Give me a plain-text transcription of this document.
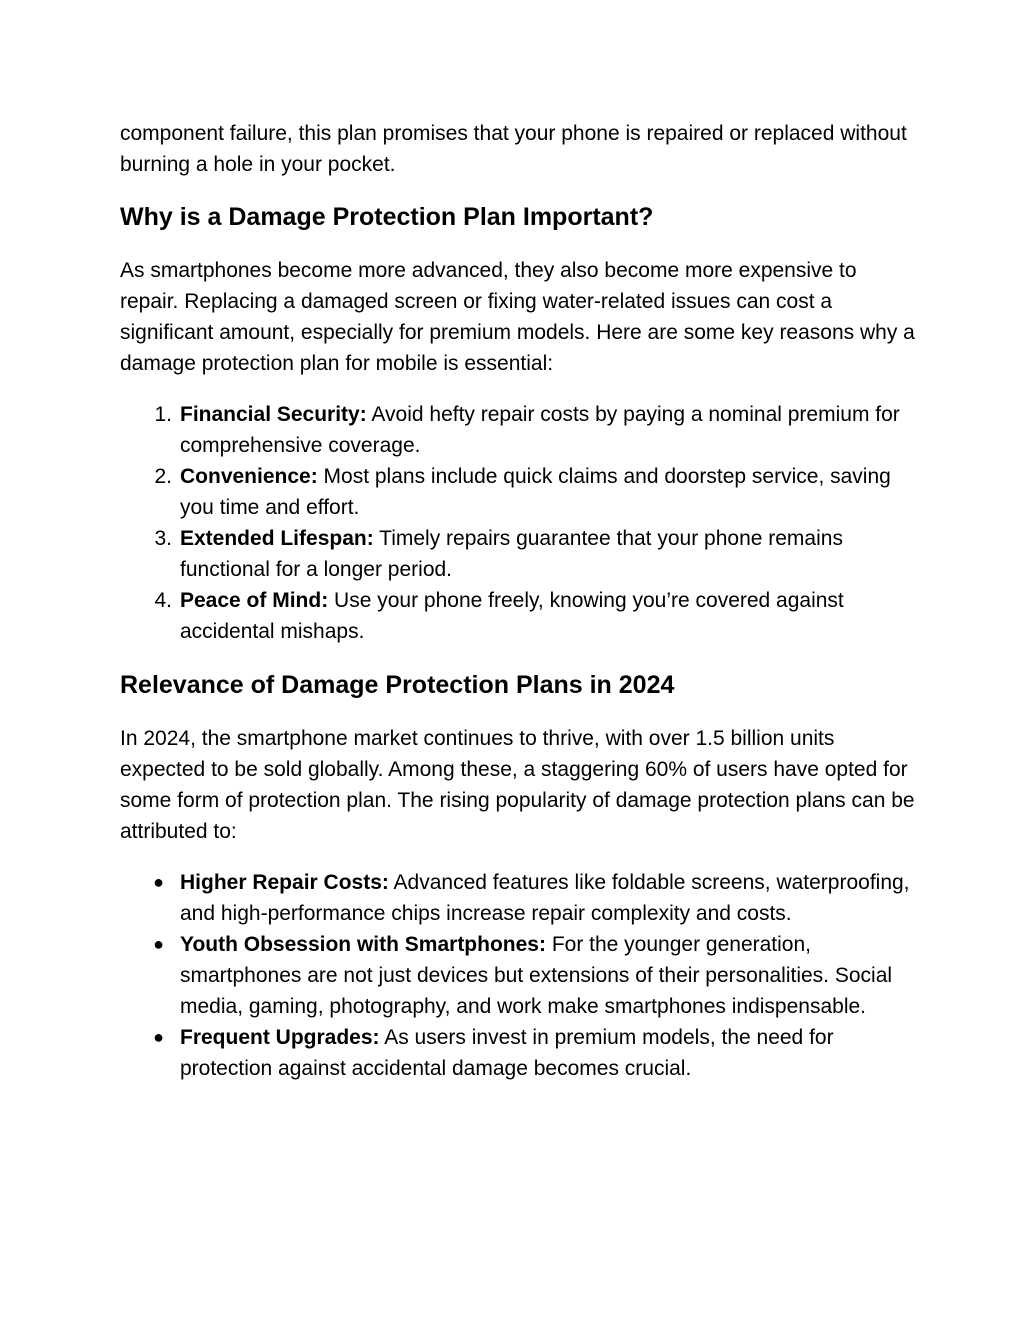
component failure, this plan promises that your phone is repaired or replaced without burning a hole in your pocket.

Why is a Damage Protection Plan Important?

As smartphones become more advanced, they also become more expensive to repair. Replacing a damaged screen or fixing water-related issues can cost a significant amount, especially for premium models. Here are some key reasons why a damage protection plan for mobile is essential:

1. Financial Security: Avoid hefty repair costs by paying a nominal premium for comprehensive coverage.
2. Convenience: Most plans include quick claims and doorstep service, saving you time and effort.
3. Extended Lifespan: Timely repairs guarantee that your phone remains functional for a longer period.
4. Peace of Mind: Use your phone freely, knowing you’re covered against accidental mishaps.
Relevance of Damage Protection Plans in 2024

In 2024, the smartphone market continues to thrive, with over 1.5 billion units expected to be sold globally. Among these, a staggering 60% of users have opted for some form of protection plan. The rising popularity of damage protection plans can be attributed to:

● Higher Repair Costs: Advanced features like foldable screens, waterproofing, and high-performance chips increase repair complexity and costs.
● Youth Obsession with Smartphones: For the younger generation, smartphones are not just devices but extensions of their personalities. Social media, gaming, photography, and work make smartphones indispensable.
● Frequent Upgrades: As users invest in premium models, the need for protection against accidental damage becomes crucial.
